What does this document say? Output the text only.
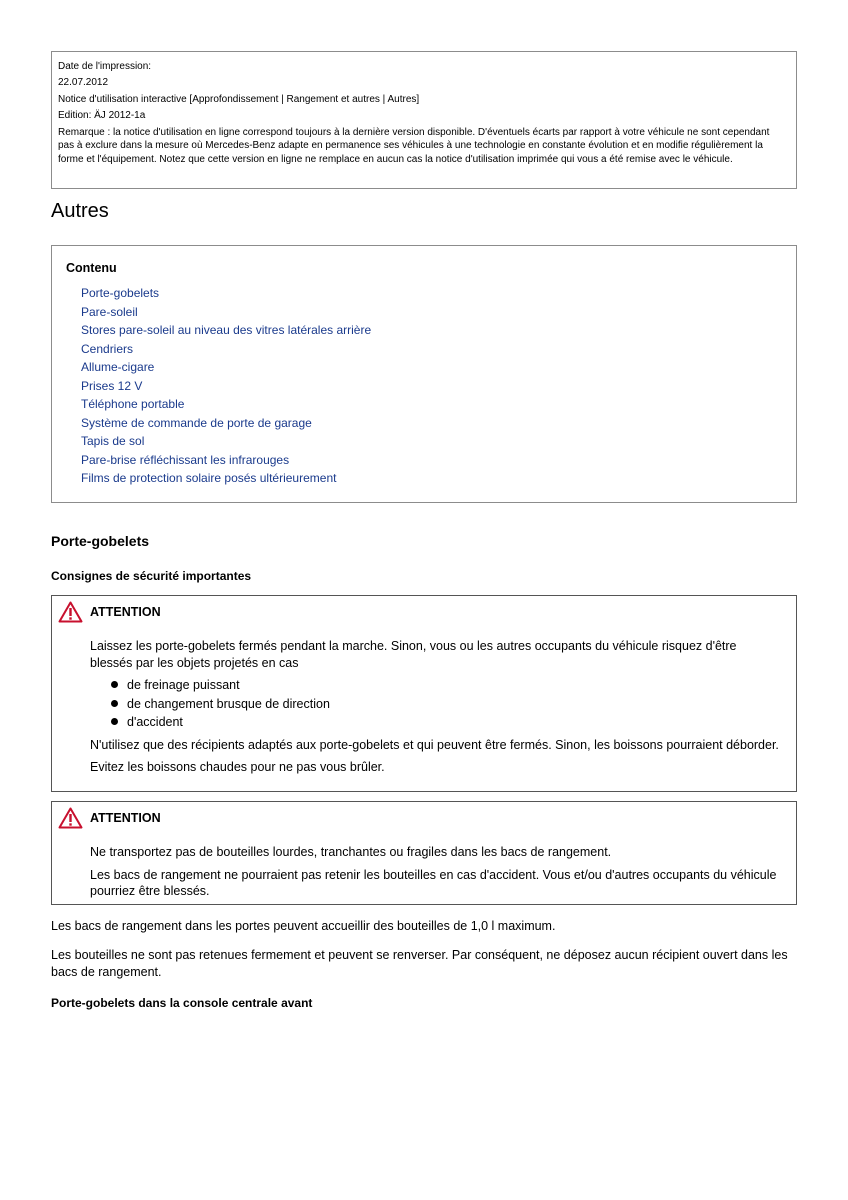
Date de l'impression:
22.07.2012
Notice d'utilisation interactive [Approfondissement | Rangement et autres | Autres]
Edition: ÄJ 2012-1a
Remarque : la notice d'utilisation en ligne correspond toujours à la dernière version disponible. D'éventuels écarts par rapport à votre véhicule ne sont cependant pas à exclure dans la mesure où Mercedes-Benz adapte en permanence ses véhicules à une technologie en constante évolution et en modifie régulièrement la forme et l'équipement. Notez que cette version en ligne ne remplace en aucun cas la notice d'utilisation imprimée qui vous a été remise avec le véhicule.
Autres
Contenu
Porte-gobelets
Pare-soleil
Stores pare-soleil au niveau des vitres latérales arrière
Cendriers
Allume-cigare
Prises 12 V
Téléphone portable
Système de commande de porte de garage
Tapis de sol
Pare-brise réfléchissant les infrarouges
Films de protection solaire posés ultérieurement
Porte-gobelets
Consignes de sécurité importantes
ATTENTION

Laissez les porte-gobelets fermés pendant la marche. Sinon, vous ou les autres occupants du véhicule risquez d'être blessés par les objets projetés en cas

de freinage puissant
de changement brusque de direction
d'accident

N'utilisez que des récipients adaptés aux porte-gobelets et qui peuvent être fermés. Sinon, les boissons pourraient déborder.

Evitez les boissons chaudes pour ne pas vous brûler.

ATTENTION

Ne transportez pas de bouteilles lourdes, tranchantes ou fragiles dans les bacs de rangement.

Les bacs de rangement ne pourraient pas retenir les bouteilles en cas d'accident. Vous et/ou d'autres occupants du véhicule pourriez être blessés.

Les bacs de rangement dans les portes peuvent accueillir des bouteilles de 1,0 l maximum.

Les bouteilles ne sont pas retenues fermement et peuvent se renverser. Par conséquent, ne déposez aucun récipient ouvert dans les bacs de rangement.

Porte-gobelets dans la console centrale avant
